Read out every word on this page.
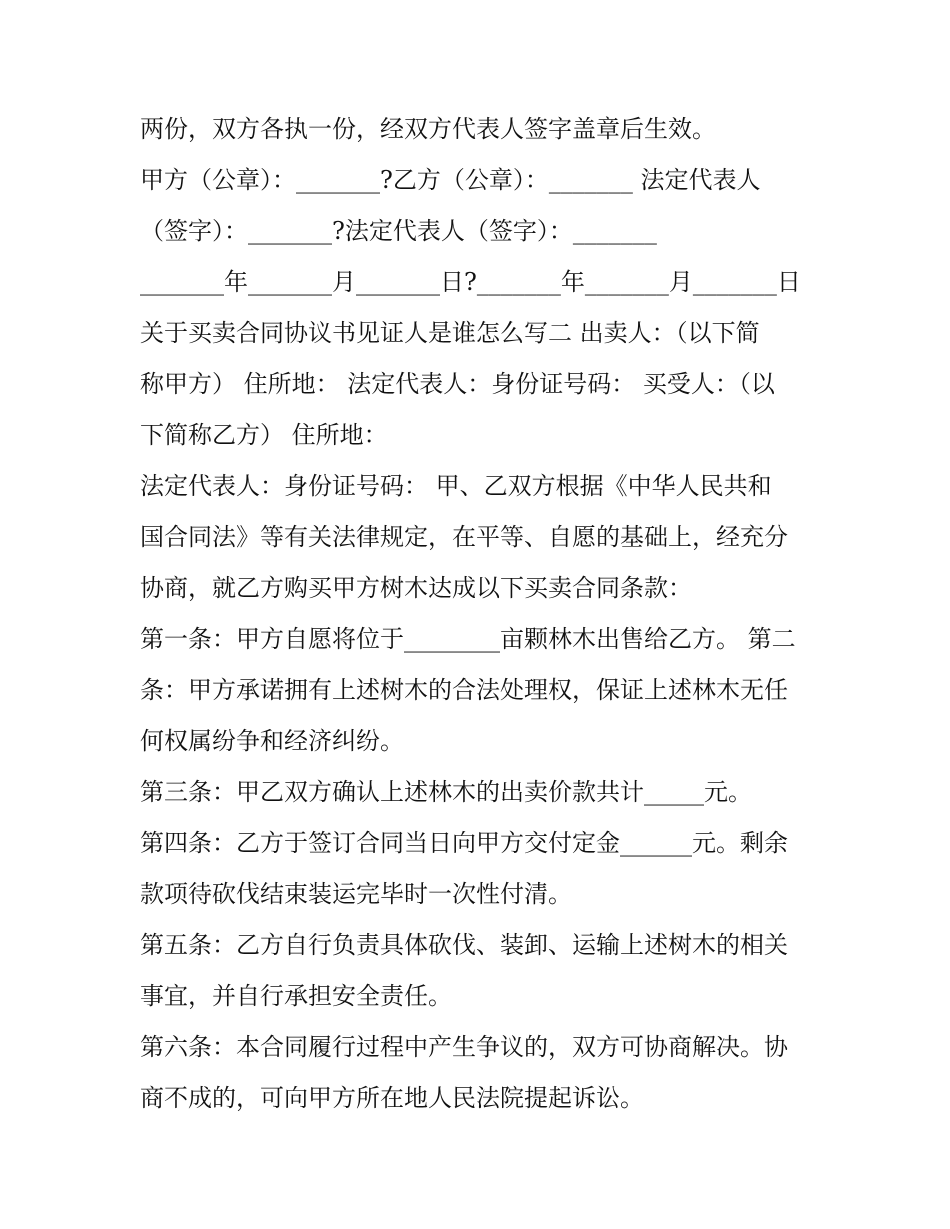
两份，双方各执一份，经双方代表人签字盖章后生效。
甲方（公章）：_______?乙方（公章）：_______ 法定代表人
（签字）：_______?法定代表人（签字）：_______
_______年_______月_______日?_______年_______月_______日
关于买卖合同协议书见证人是谁怎么写二 出卖人：（以下简
称甲方） 住所地： 法定代表人：身份证号码： 买受人：（以
下简称乙方） 住所地：
法定代表人：身份证号码： 甲、乙双方根据《中华人民共和
国合同法》等有关法律规定，在平等、自愿的基础上，经充分
协商，就乙方购买甲方树木达成以下买卖合同条款：
第一条：甲方自愿将位于________亩颗林木出售给乙方。 第二
条：甲方承诺拥有上述树木的合法处理权，保证上述林木无任
何权属纷争和经济纠纷。
第三条：甲乙双方确认上述林木的出卖价款共计_____元。
第四条：乙方于签订合同当日向甲方交付定金______元。剩余
款项待砍伐结束装运完毕时一次性付清。
第五条：乙方自行负责具体砍伐、装卸、运输上述树木的相关
事宜，并自行承担安全责任。
第六条：本合同履行过程中产生争议的，双方可协商解决。协
商不成的，可向甲方所在地人民法院提起诉讼。
